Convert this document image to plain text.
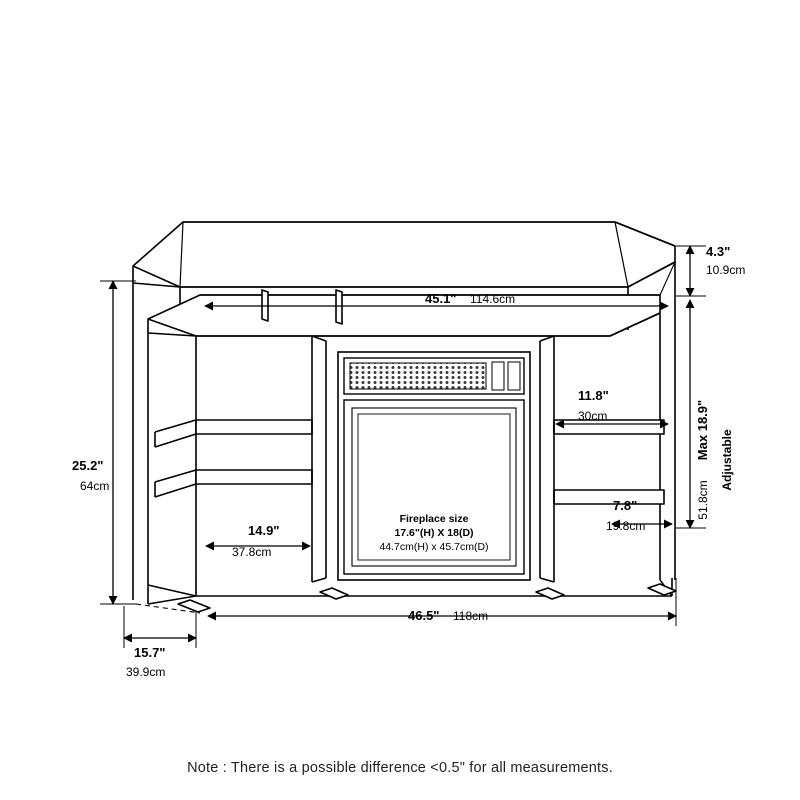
4.3"
10.9cm
45.1" 114.6cm
Adjustable
Max 18.9"
51.8cm
11.8"
30cm
7.8"
19.8cm
25.2"
64cm
14.9"
37.8cm
46.5" 118cm
15.7"
39.9cm
Fireplace size
17.6"(H) X 18(D)
44.7cm(H) x 45.7cm(D)
Note : There is a possible difference <0.5" for all measurements.
